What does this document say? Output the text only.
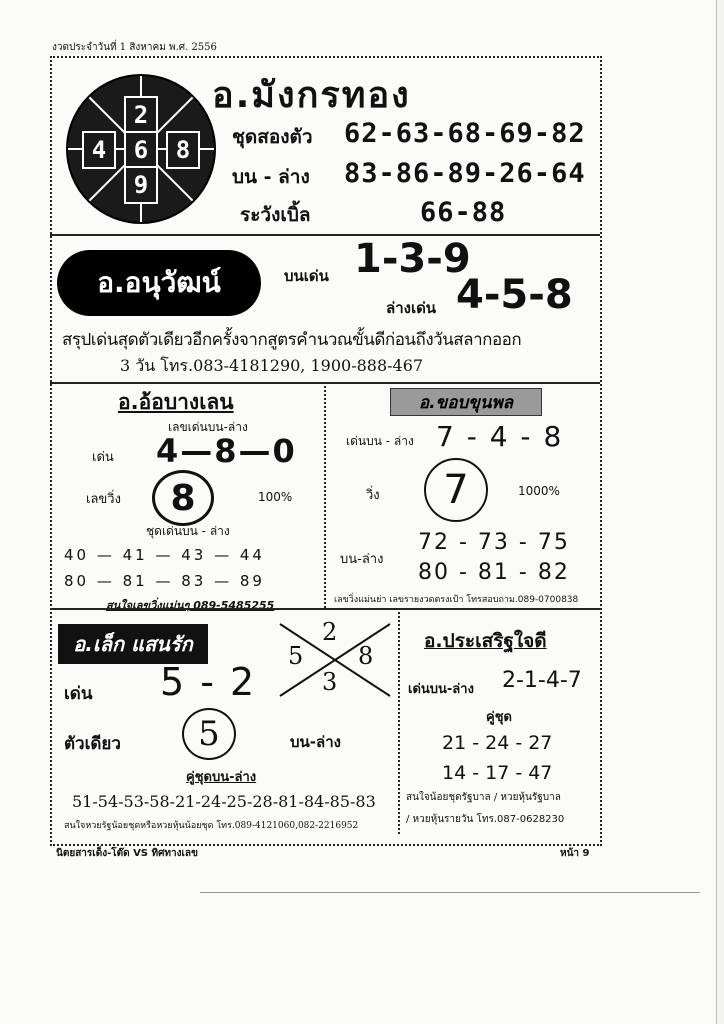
งวดประจำวันที่ 1 สิงหาคม พ.ศ. 2556
2
4	6	8
9
อ.มังกรทอง
ชุดสองตัว 62-63-68-69-82
บน - ล่าง 83-86-89-26-64
ระวังเบิ้ล	66-88
อ.อนุวัฒน์	บนเด่น 1-3-9
ล่างเด่น 4-5-8
สรุปเด่นสุดตัวเดียวอีกครั้งจากสูตรคำนวณขั้นดีก่อนถึงวันสลากออก
3 วัน โทร.083-4181290, 1900-888-467
อ.อ้อบางเลน
เลขเด่นบน-ล่าง
เด่น 4—8—0
เลขวิ่ง 8	100%
ชุดเด่นบน - ล่าง
40 — 41 — 43 — 44
80 — 81 — 83 — 89
สนใจเลขวิ่งแม่นๆ 089-5485255
อ.ขอบขุนพล
เด่นบน - ล่าง 7 - 4 - 8
วิ่ง 7	1000%
บน-ล่าง
72 - 73 - 75
80 - 81 - 82
เลขวิ่งแม่นย่า เลขรายงวดตรงเป้า โทรสอบถาม.089-0700838
อ.เล็ก แสนรัก	2
5 8
3
เด่น 5 - 2
ตัวเดียว 5	บน-ล่าง
คู่ชุดบน-ล่าง
51-54-53-58-21-24-25-28-81-84-85-83
สนใจหวยรัฐน้อยชุดหรือหวยหุ้นน้อยชุด โทร.089-4121060,082-2216952
อ.ประเสริฐใจดี
เด่นบน-ล่าง 2-1-4-7
คู่ชุด
21 - 24 - 27
14 - 17 - 47
สนใจน้อยชุดรัฐบาล / หวยหุ้นรัฐบาล
/ หวยหุ้นรายวัน โทร.087-0628230
นิตยสารเด็ง-โต๊ด VS ทิศทางเลข	หน้า 9
